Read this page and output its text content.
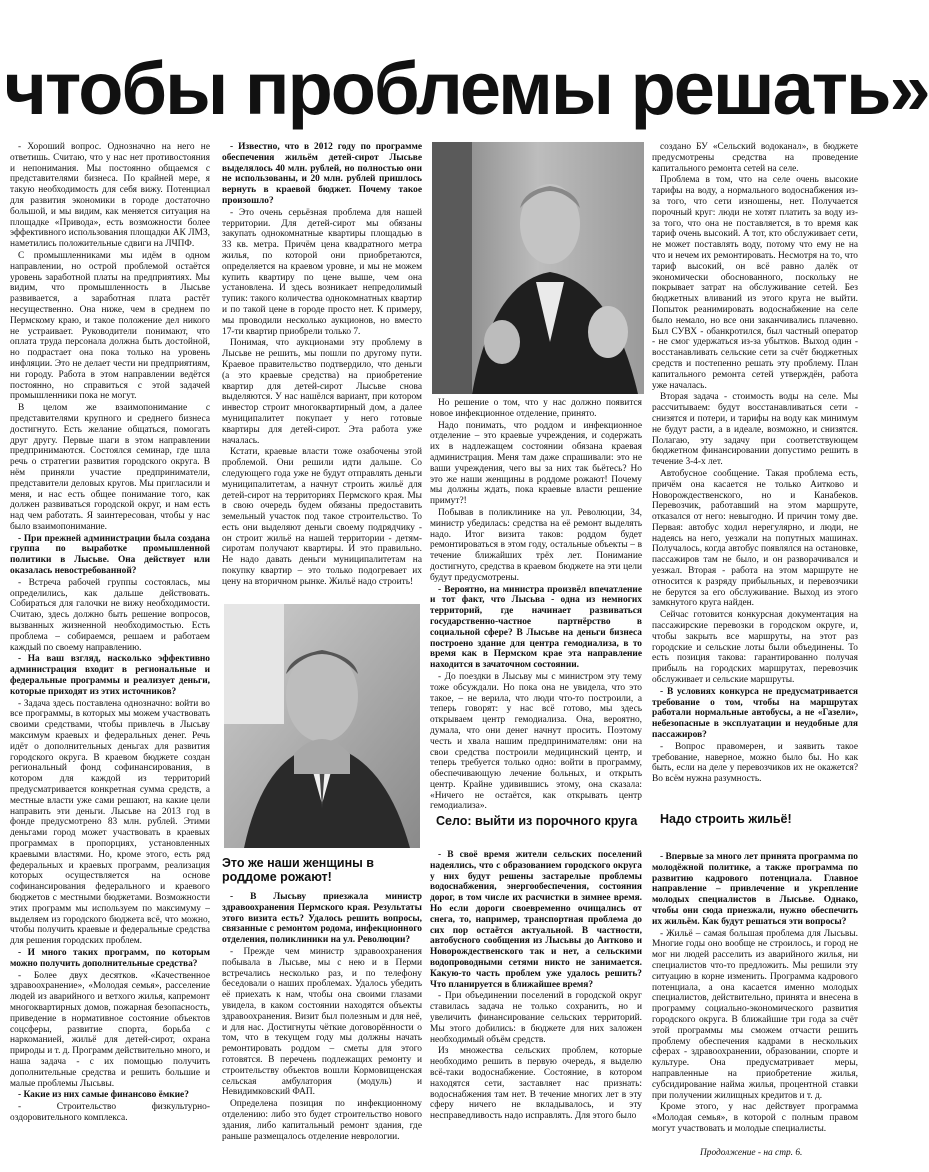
чтобы проблемы решать»

- Хороший вопрос. Однозначно на него не ответишь. Считаю, что у нас нет противостояния и непонимания. Мы постоянно общаемся с представителями бизнеса. По крайней мере, я такую необходимость для себя вижу. Потенциал для развития экономики в городе достаточно большой, и мы видим, как меняется ситуация на площадке «Привода», есть возможности более эффективного использования площадки АК ЛМЗ, наметились положительные сдвиги на ЛЧПФ.

С промышленниками мы идём в одном направлении, но острой проблемой остаётся уровень заработной платы на предприятиях. Мы видим, что промышленность в Лысьве развивается, а заработная плата растёт несущественно. Она ниже, чем в среднем по Пермскому краю, и такое положение дел никого не устраивает. Руководители понимают, что оплата труда персонала должна быть достойной, но подрастает она пока только на уровень инфляции. Это не делает чести ни предприятиям, ни городу. Работа в этом направлении ведётся постоянно, но справиться с этой задачей промышленники пока не могут.

В целом же взаимопонимание с представителями крупного и среднего бизнеса достигнуто. Есть желание общаться, помогать друг другу. Первые шаги в этом направлении предпринимаются. Состоялся семинар, где шла речь о стратегии развития городского округа. В нём приняли участие предприниматели, представители деловых кругов. Мы пригласили и меня, и нас есть общее понимание того, как должен развиваться городской округ, и нам есть над чем работать. Я заинтересован, чтобы у нас было взаимопонимание.

- При прежней администрации была создана группа по выработке промышленной политики в Лысьве. Она действует или оказалась невостребованной?

- Встреча рабочей группы состоялась, мы определились, как дальше действовать. Собираться для галочки не вижу необходимости. Считаю, здесь должно быть решение вопросов, вызванных жизненной необходимостью. Есть проблема – собираемся, решаем и работаем каждый по своему направлению.

- На ваш взгляд, насколько эффективно администрация входит в региональные и федеральные программы и реализует деньги, которые приходят из этих источников?

- Задача здесь поставлена однозначно: войти во все программы, в которых мы можем участвовать своими средствами, чтобы привлечь в Лысьву максимум краевых и федеральных денег. Речь идёт о дополнительных деньгах для развития городского округа. В краевом бюджете создан региональный фонд софинансирования, в котором для каждой из территорий предусматривается конкретная сумма средств, а местные власти уже сами решают, на какие цели направить эти деньги. Лысьве на 2013 год в фонде предусмотрено 83 млн. рублей. Этими деньгами город может участвовать в краевых программах в пропорциях, установленных краевыми властями. Но, кроме этого, есть ряд федеральных и краевых программ, реализация которых осуществляется на основе софинансирования федерального и краевого бюджетов с местными бюджетами. Возможности этих программ мы используем по максимуму – выделяем из городского бюджета всё, что можно, чтобы получить краевые и федеральные средства для решения городских проблем.

- И много таких программ, по которым можно получить дополнительные средства?

- Более двух десятков. «Качественное здравоохранение», «Молодая семья», расселение людей из аварийного и ветхого жилья, капремонт многоквартирных домов, пожарная безопасность, приведение в нормативное состояние объектов соцсферы, развитие спорта, борьба с наркоманией, жильё для детей-сирот, охрана природы и т. д. Программ действительно много, и наша задача - с их помощью получить дополнительные средства и решить большие и малые проблемы Лысьвы.

- Какие из них самые финансово ёмкие?

- Строительство физкультурно-оздоровительного комплекса.

- Известно, что в 2012 году по программе обеспечения жильём детей-сирот Лысьве выделялось 40 млн. рублей, но полностью они не использованы, и 20 млн. рублей пришлось вернуть в краевой бюджет. Почему такое произошло?

- Это очень серьёзная проблема для нашей территории. Для детей-сирот мы обязаны закупать однокомнатные квартиры площадью в 33 кв. метра. Причём цена квадратного метра жилья, по которой они приобретаются, определяется на краевом уровне, и мы не можем купить квартиру по цене выше, чем она установлена. И здесь возникает непредолимый тупик: такого количества однокомнатных квартир и по такой цене в городе просто нет. К примеру, мы проводили несколько аукционов, но вместо 17-ти квартир приобрели только 7.

Понимая, что аукционами эту проблему в Лысьве не решить, мы пошли по другому пути. Краевое правительство подтвердило, что деньги (а это краевые средства) на приобретение квартир для детей-сирот Лысьве снова выделяются. У нас нашёлся вариант, при котором инвестор строит многоквартирный дом, а далее муниципалитет покупает у него готовые квартиры для детей-сирот. Эта работа уже началась.

Кстати, краевые власти тоже озабочены этой проблемой. Они решили идти дальше. Со следующего года уже не будут отправлять деньги муниципалитетам, а начнут строить жильё для детей-сирот на территориях Пермского края. Мы в свою очередь будем обязаны предоставить земельный участок под такое строительство. То есть они выделяют деньги своему подрядчику - он строит жильё на нашей территории - детям-сиротам получают квартиры. И это правильно. Не надо давать деньги муниципалитетам на покупку квартир – это только подогревает их цену на вторичном рынке. Жильё надо строить!

Это же наши женщины в роддоме рожают!

- В Лысьву приезжала министр здравоохранения Пермского края. Результаты этого визита есть? Удалось решить вопросы, связанные с ремонтом родома, инфекционного отделения, поликлиники на ул. Революции?

- Прежде чем министр здравоохранения побывала в Лысьве, мы с нею и в Перми встречались несколько раз, и по телефону беседовали о наших проблемах. Удалось убедить её приехать к нам, чтобы она своими глазами увидела, в каком состоянии находятся объекты здравоохранения. Визит был полезным и для неё, и для нас. Достигнуты чёткие договорённости о том, что в текущем году мы должны начать ремонтировать роддом – сметы для этого готовятся. В перечень подлежащих ремонту и строительству объектов вошли Кормовищенская сельская амбулатория (модуль) и Невидимковский ФАП.

Определена позиция по инфекционному отделению: либо это будет строительство нового здания, либо капитальный ремонт здания, где раньше размещалось отделение неврологии.

Но решение о том, что у нас должно появится новое инфекционное отделение, принято.

Надо понимать, что роддом и инфекционное отделение – это краевые учреждения, и содержать их в надлежащем состоянии обязана краевая администрация. Меня там даже спрашивали: это не ваши учреждения, чего вы за них так бьётесь? Но это же наши женщины в роддоме рожают! Почему мы должны ждать, пока краевые власти решение примут?!

Побывав в поликлинике на ул. Революции, 34, министр убедилась: средства на её ремонт выделять надо. Итог визита таков: роддом будет ремонтироваться в этом году, остальные объекты – в течение ближайших трёх лет. Понимание достигнуто, средства в краевом бюджете на эти цели будут предусмотрены.

- Вероятно, на министра произвёл впечатление и тот факт, что Лысьва - одна из немногих территорий, где начинает развиваться государственно-частное партнёрство в социальной сфере? В Лысьве на деньги бизнеса построено здание для центра гемодиализа, в то время как в Пермском крае эта направление находится в зачаточном состоянии.

- До поездки в Лысьву мы с министром эту тему тоже обсуждали. Но пока она не увидела, что это такое, – не верила, что люди что-то построили, а теперь говорят: у нас всё готово, мы здесь открываем центр гемодиализа. Она, вероятно, думала, что они денег начнут просить. Поэтому честь и хвала нашим предпринимателям: они на свои средства построили медицинский центр, и теперь требуется только одно: войти в программу, обеспечивающую лечение больных, и открыть центр. Крайне удивившись этому, она сказала: «Ничего не остаётся, как открывать центр гемодиализа».

Село: выйти из порочного круга

- В своё время жители сельских поселений надеялись, что с образованием городского округа у них будут решены застарелые проблемы водоснабжения, энергообеспечения, состояния дорог, в том числе их расчистки в зимнее время. Но если дороги своевременно очищались от снега, то, например, транспортная проблема до сих пор остаётся актуальной. В частности, автобусного сообщения из Лысьвы до Аитково и Новорождественского так и нет, а сельскими водопроводными сетями никто не занимается. Какую-то часть проблем уже удалось решить? Что планируется в ближайшее время?

- При объединении поселений в городской округ ставилась задача не только сохранить, но и увеличить финансирование сельских территорий. Мы этого добились: в бюджете для них заложен необходимый объём средств.

Из множества сельских проблем, которые необходимо решить в первую очередь, я выделю всё-таки водоснабжение. Состояние, в котором находятся сети, заставляет нас признать: водоснабжения там нет. В течение многих лет в эту сферу ничего не вкладывалось, и эту несправедливость надо исправлять. Для этого было

создано БУ «Сельский водоканал», в бюджете предусмотрены средства на проведение капитального ремонта сетей на селе.

Проблема в том, что на селе очень высокие тарифы на воду, а нормального водоснабжения из-за того, что сети изношены, нет. Получается порочный круг: люди не хотят платить за воду из-за того, что она не поставляется, в то время как тариф очень высокий. А тот, кто обслуживает сети, не может поставлять воду, потому что ему не на что и нечем их ремонтировать. Несмотря на то, что тариф высокий, он всё равно далёк от экономически обоснованного, поскольку не покрывает затрат на обслуживание сетей. Без бюджетных вливаний из этого круга не выйти. Попыток реанимировать водоснабжение на селе было немало, но все они заканчивались плачевно. Был СУВХ - обанкротился, был частный оператор - не смог удержаться из-за убытков. Выход один - восстанавливать сельские сети за счёт бюджетных средств и постепенно решать эту проблему. План капитального ремонта сетей утверждён, работа уже началась.

Вторая задача - стоимость воды на селе. Мы рассчитываем: будут восстанавливаться сети - снизятся и потери, и тарифы на воду как минимум не будут расти, а в идеале, возможно, и снизятся. Полагаю, эту задачу при соответствующем бюджетном финансировании допустимо решить в течение 3-4-х лет.

Автобусное сообщение. Такая проблема есть, причём она касается не только Аитково и Новорождественского, но и Канабеков. Перевозчик, работавший на этом маршруте, отказался от него: невыгодно. И причин тому две. Первая: автобус ходил нерегулярно, и люди, не надеясь на него, уезжали на попутных машинах. Получалось, когда автобус появлялся на остановке, пассажиров там не было, и он разворачивался и уезжал. Вторая - работа на этом маршруте не относится к разряду прибыльных, и перевозчики не берутся за его обслуживание. Выход из этого замкнутого круга найден.

Сейчас готовится конкурсная документация на пассажирские перевозки в городском округе, и, чтобы закрыть все маршруты, на этот раз городские и сельские лоты были объединены. То есть позиция такова: гарантированно получая прибыль на городских маршрутах, перевозчик обслуживает и сельские маршруты.

- В условиях конкурса не предусматривается требование о том, чтобы на маршрутах работали нормальные автобусы, а не «Газели», небезопасные в эксплуатации и неудобные для пассажиров?

- Вопрос правомерен, и заявить такое требование, наверное, можно было бы. Но как быть, если на деле у перевозчиков их не окажется? Во всём нужна разумность.

Надо строить жильё!

- Впервые за много лет принята программа по молодёжной политике, а также программа по развитию кадрового потенциала. Главное направление – привлечение и укрепление молодых специалистов в Лысьве. Однако, чтобы они сюда приезжали, нужно обеспечить их жильём. Как будут решаться эти вопросы?

- Жильё – самая большая проблема для Лысьвы. Многие годы оно вообще не строилось, и город не мог ни людей расселить из аварийного жилья, ни специалистов что-то предложить. Мы решили эту ситуацию в корне изменить. Программа кадрового потенциала, а она касается именно молодых специалистов, действительно, принята и внесена в программу социально-экономического развития городского округа. В ближайшие три года за счёт этой программы мы сможем отчасти решить проблему обеспечения кадрами в нескольких сферах - здравоохранении, образовании, спорте и культуре. Она предусматривает меры, направленные на приобретение жилья, субсидирование найма жилья, процентной ставки при получении жилищных кредитов и т. д.

Кроме этого, у нас действует программа «Молодая семья», в которой с полным правом могут участвовать и молодые специалисты.

Продолжение - на стр. 6.
